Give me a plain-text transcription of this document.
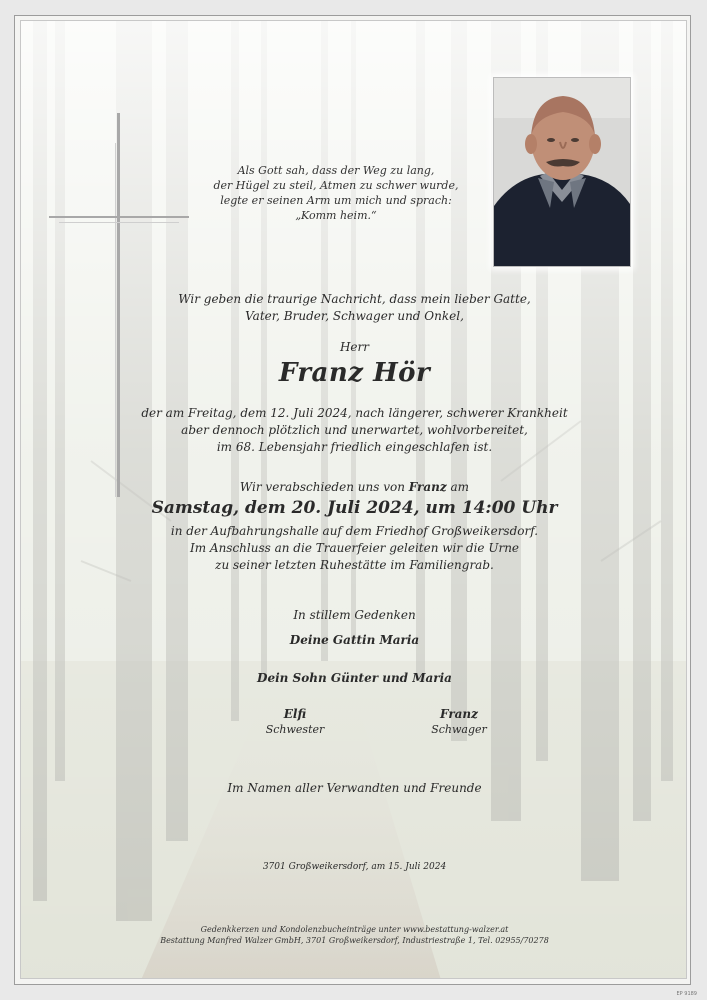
Als Gott sah, dass der Weg zu lang,
der Hügel zu steil, Atmen zu schwer wurde,
legte er seinen Arm um mich und sprach:
„Komm heim.“
Wir geben die traurige Nachricht, dass mein lieber Gatte,
Vater, Bruder, Schwager und Onkel,
Herr
Franz Hör
der am Freitag, dem 12. Juli 2024, nach längerer, schwerer Krankheit
aber dennoch plötzlich und unerwartet, wohlvorbereitet,
im 68. Lebensjahr friedlich eingeschlafen ist.
Wir verabschieden uns von Franz am
Samstag, dem 20. Juli 2024, um 14:00 Uhr
in der Aufbahrungshalle auf dem Friedhof Großweikersdorf.
Im Anschluss an die Trauerfeier geleiten wir die Urne
zu seiner letzten Ruhestätte im Familiengrab.
In stillem Gedenken
Deine Gattin Maria
Dein Sohn Günter und Maria
Elfi
Schwester
Franz
Schwager
Im Namen aller Verwandten und Freunde
3701 Großweikersdorf, am 15. Juli 2024
Gedenkkerzen und Kondolenzbucheinträge unter www.bestattung-walzer.at
Bestattung Manfred Walzer GmbH, 3701 Großweikersdorf, Industriestraße 1, Tel. 02955/70278
EP 9189
